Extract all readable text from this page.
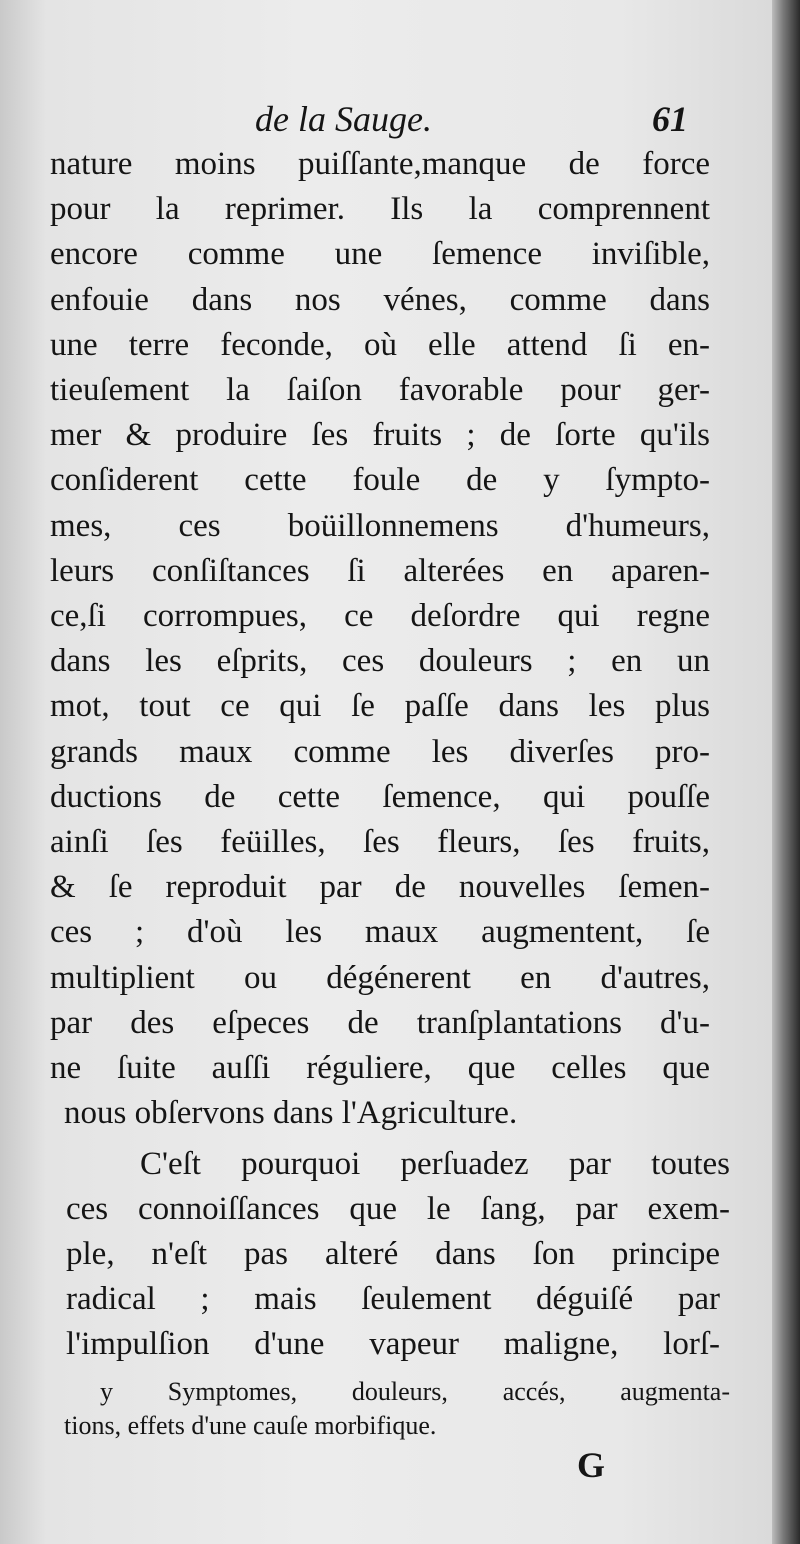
de la Sauge.	61
nature moins puiſſante,manque de force
pour la reprimer. Ils la comprennent
encore comme une ſemence inviſible,
enfouie dans nos vénes, comme dans
une terre feconde, où elle attend ſi en-
tieuſement la ſaiſon favorable pour ger-
mer & produire ſes fruits ; de ſorte qu'ils
conſiderent cette foule de y ſympto-
mes, ces boüillonnemens d'humeurs,
leurs conſiſtances ſi alterées en aparen-
ce,ſi corrompues, ce deſordre qui regne
dans les eſprits, ces douleurs ; en un
mot, tout ce qui ſe paſſe dans les plus
grands maux comme les diverſes pro-
ductions de cette ſemence, qui pouſſe
ainſi ſes feüilles, ſes fleurs, ſes fruits,
& ſe reproduit par de nouvelles ſemen-
ces ; d'où les maux augmentent, ſe
multiplient ou dégénerent en d'autres,
par des eſpeces de tranſplantations d'u-
ne ſuite auſſi réguliere, que celles que
nous obſervons dans l'Agriculture.
C'eſt pourquoi perſuadez par toutes
ces connoiſſances que le ſang, par exem-
ple, n'eſt pas alteré dans ſon principe
radical ; mais ſeulement déguiſé par
l'impulſion d'une vapeur maligne, lorſ-
y Symptomes, douleurs, accés, augmenta-
tions, effets d'une cauſe morbifique.
G
